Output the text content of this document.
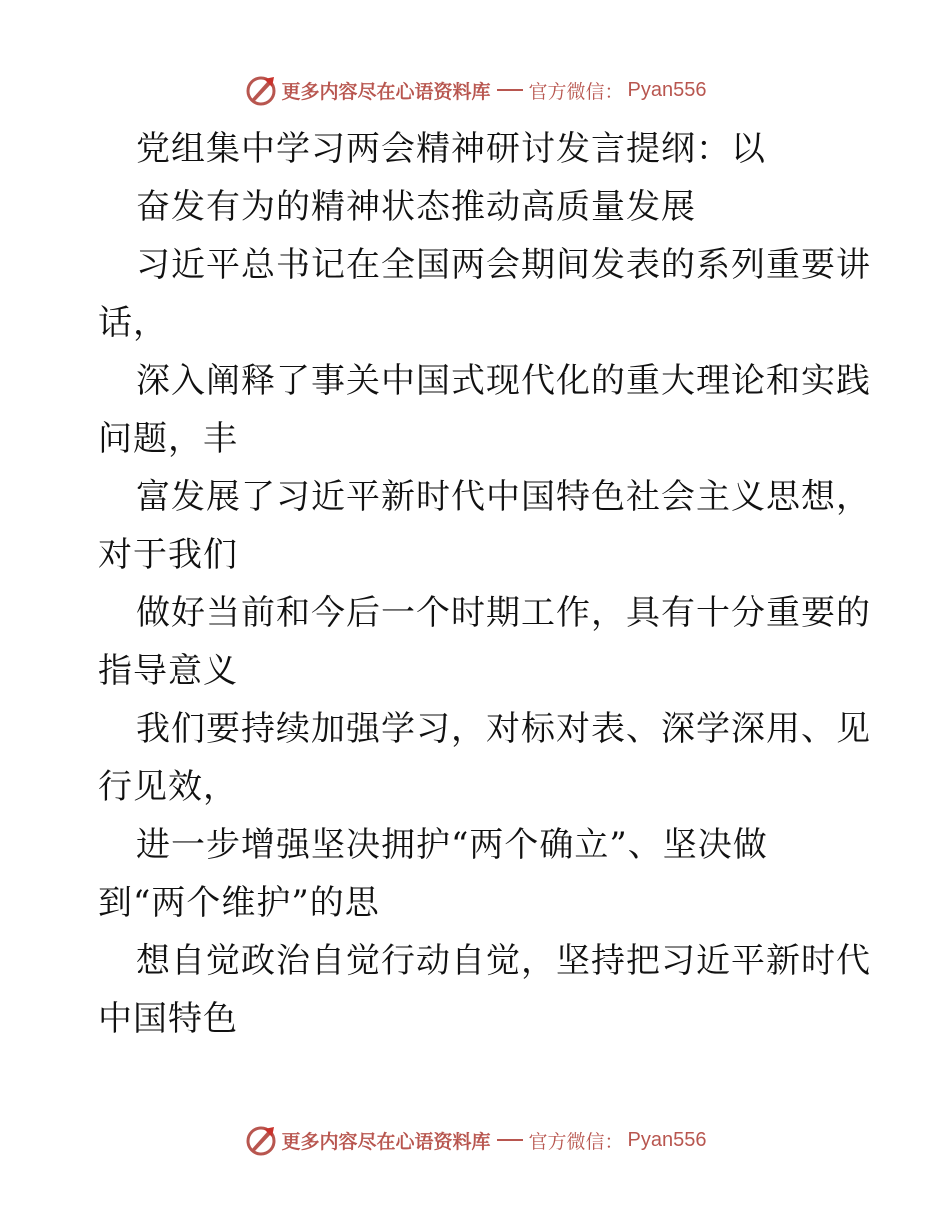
更多内容尽在心语资料库 官方微信： Pyan556
党组集中学习两会精神研讨发言提纲：以
奋发有为的精神状态推动高质量发展
习近平总书记在全国两会期间发表的系列重要讲
话，
深入阐释了事关中国式现代化的重大理论和实践
问题，丰
富发展了习近平新时代中国特色社会主义思想，
对于我们
做好当前和今后一个时期工作，具有十分重要的
指导意义
我们要持续加强学习，对标对表、深学深用、见
行见效，
进一步增强坚决拥护“两个确立”、坚决做
到“两个维护”的思
想自觉政治自觉行动自觉，坚持把习近平新时代
中国特色
更多内容尽在心语资料库 官方微信： Pyan556
